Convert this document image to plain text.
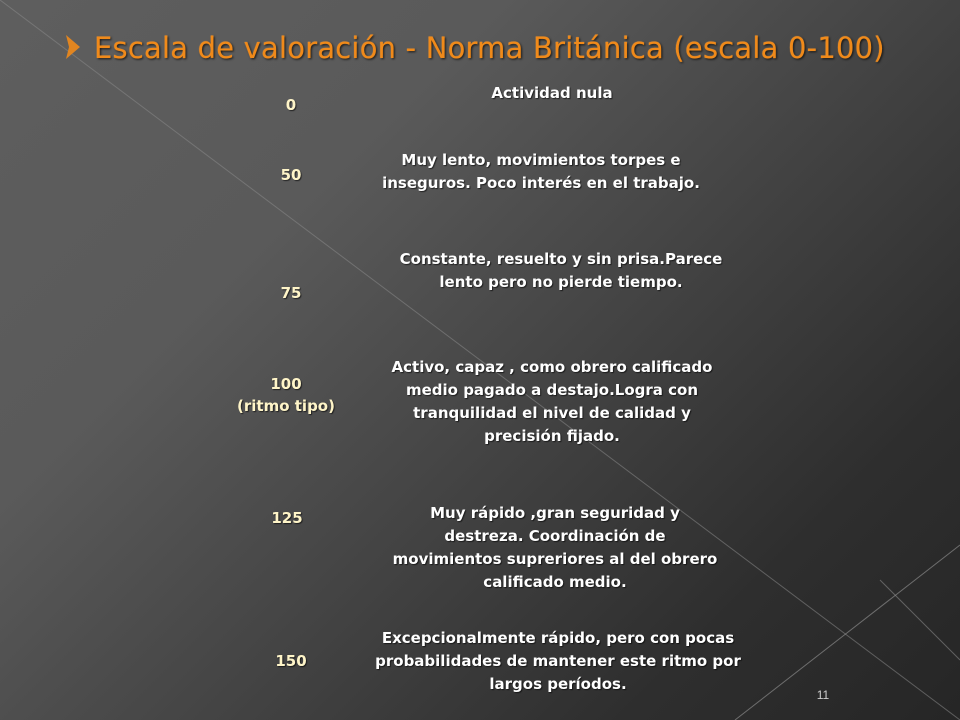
Escala de valoración - Norma Británica (escala 0-100)
0
Actividad nula
50
Muy lento, movimientos torpes e inseguros. Poco interés en el trabajo.
75
Constante, resuelto y sin prisa.Parece lento pero no pierde tiempo.
100
(ritmo tipo)
Activo, capaz , como obrero calificado medio pagado a destajo.Logra con tranquilidad el nivel de calidad y precisión fijado.
125	Muy rápido ,gran seguridad y destreza. Coordinación de movimientos suprerіores al del obrero calificado medio.
150
Excepcionalmente rápido, pero con pocas probabilidades de mantener este ritmo por largos períodos.
11
